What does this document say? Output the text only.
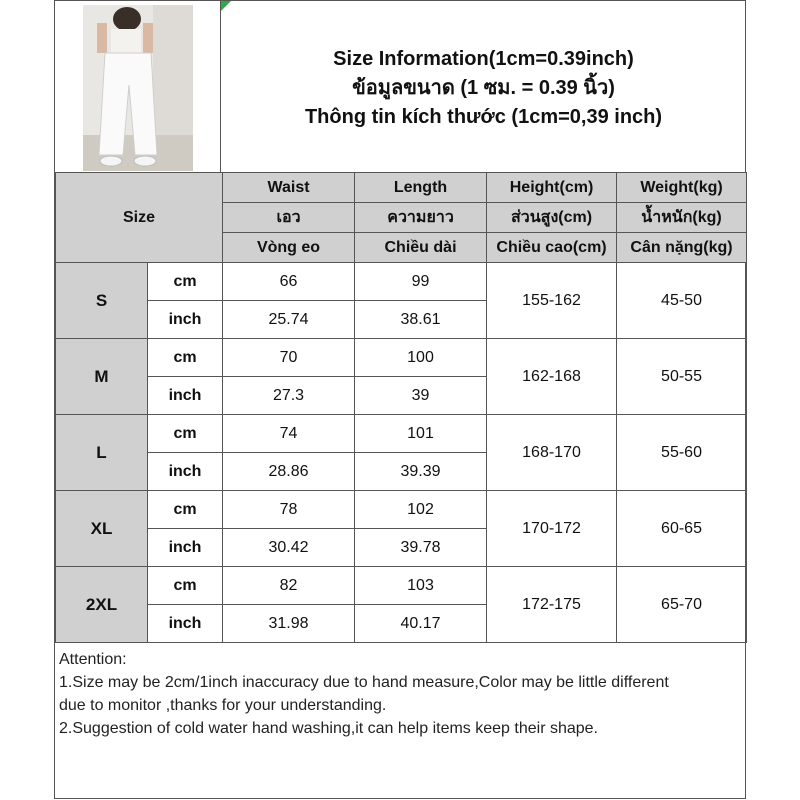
Size Information(1cm=0.39inch)
ข้อมูลขนาด (1 ซม. = 0.39 นิ้ว)
Thông tin kích thước (1cm=0,39 inch)
Size		Waist	Length	Height(cm)	Weight(kg)
		เอว	ความยาว	ส่วนสูง(cm)	น้ำหนัก(kg)
		Vòng eo	Chiều dài	Chiều cao(cm)	Cân nặng(kg)
S	cm	66	99	155-162	45-50
	inch	25.74	38.61		
M	cm	70	100	162-168	50-55
	inch	27.3	39		
L	cm	74	101	168-170	55-60
	inch	28.86	39.39		
XL	cm	78	102	170-172	60-65
	inch	30.42	39.78		
2XL	cm	82	103	172-175	65-70
	inch	31.98	40.17		
Attention:
1.Size may be 2cm/1inch inaccuracy due to hand measure,Color may be little different
due to monitor ,thanks for your understanding.
2.Suggestion of cold water hand washing,it can help items keep their shape.
